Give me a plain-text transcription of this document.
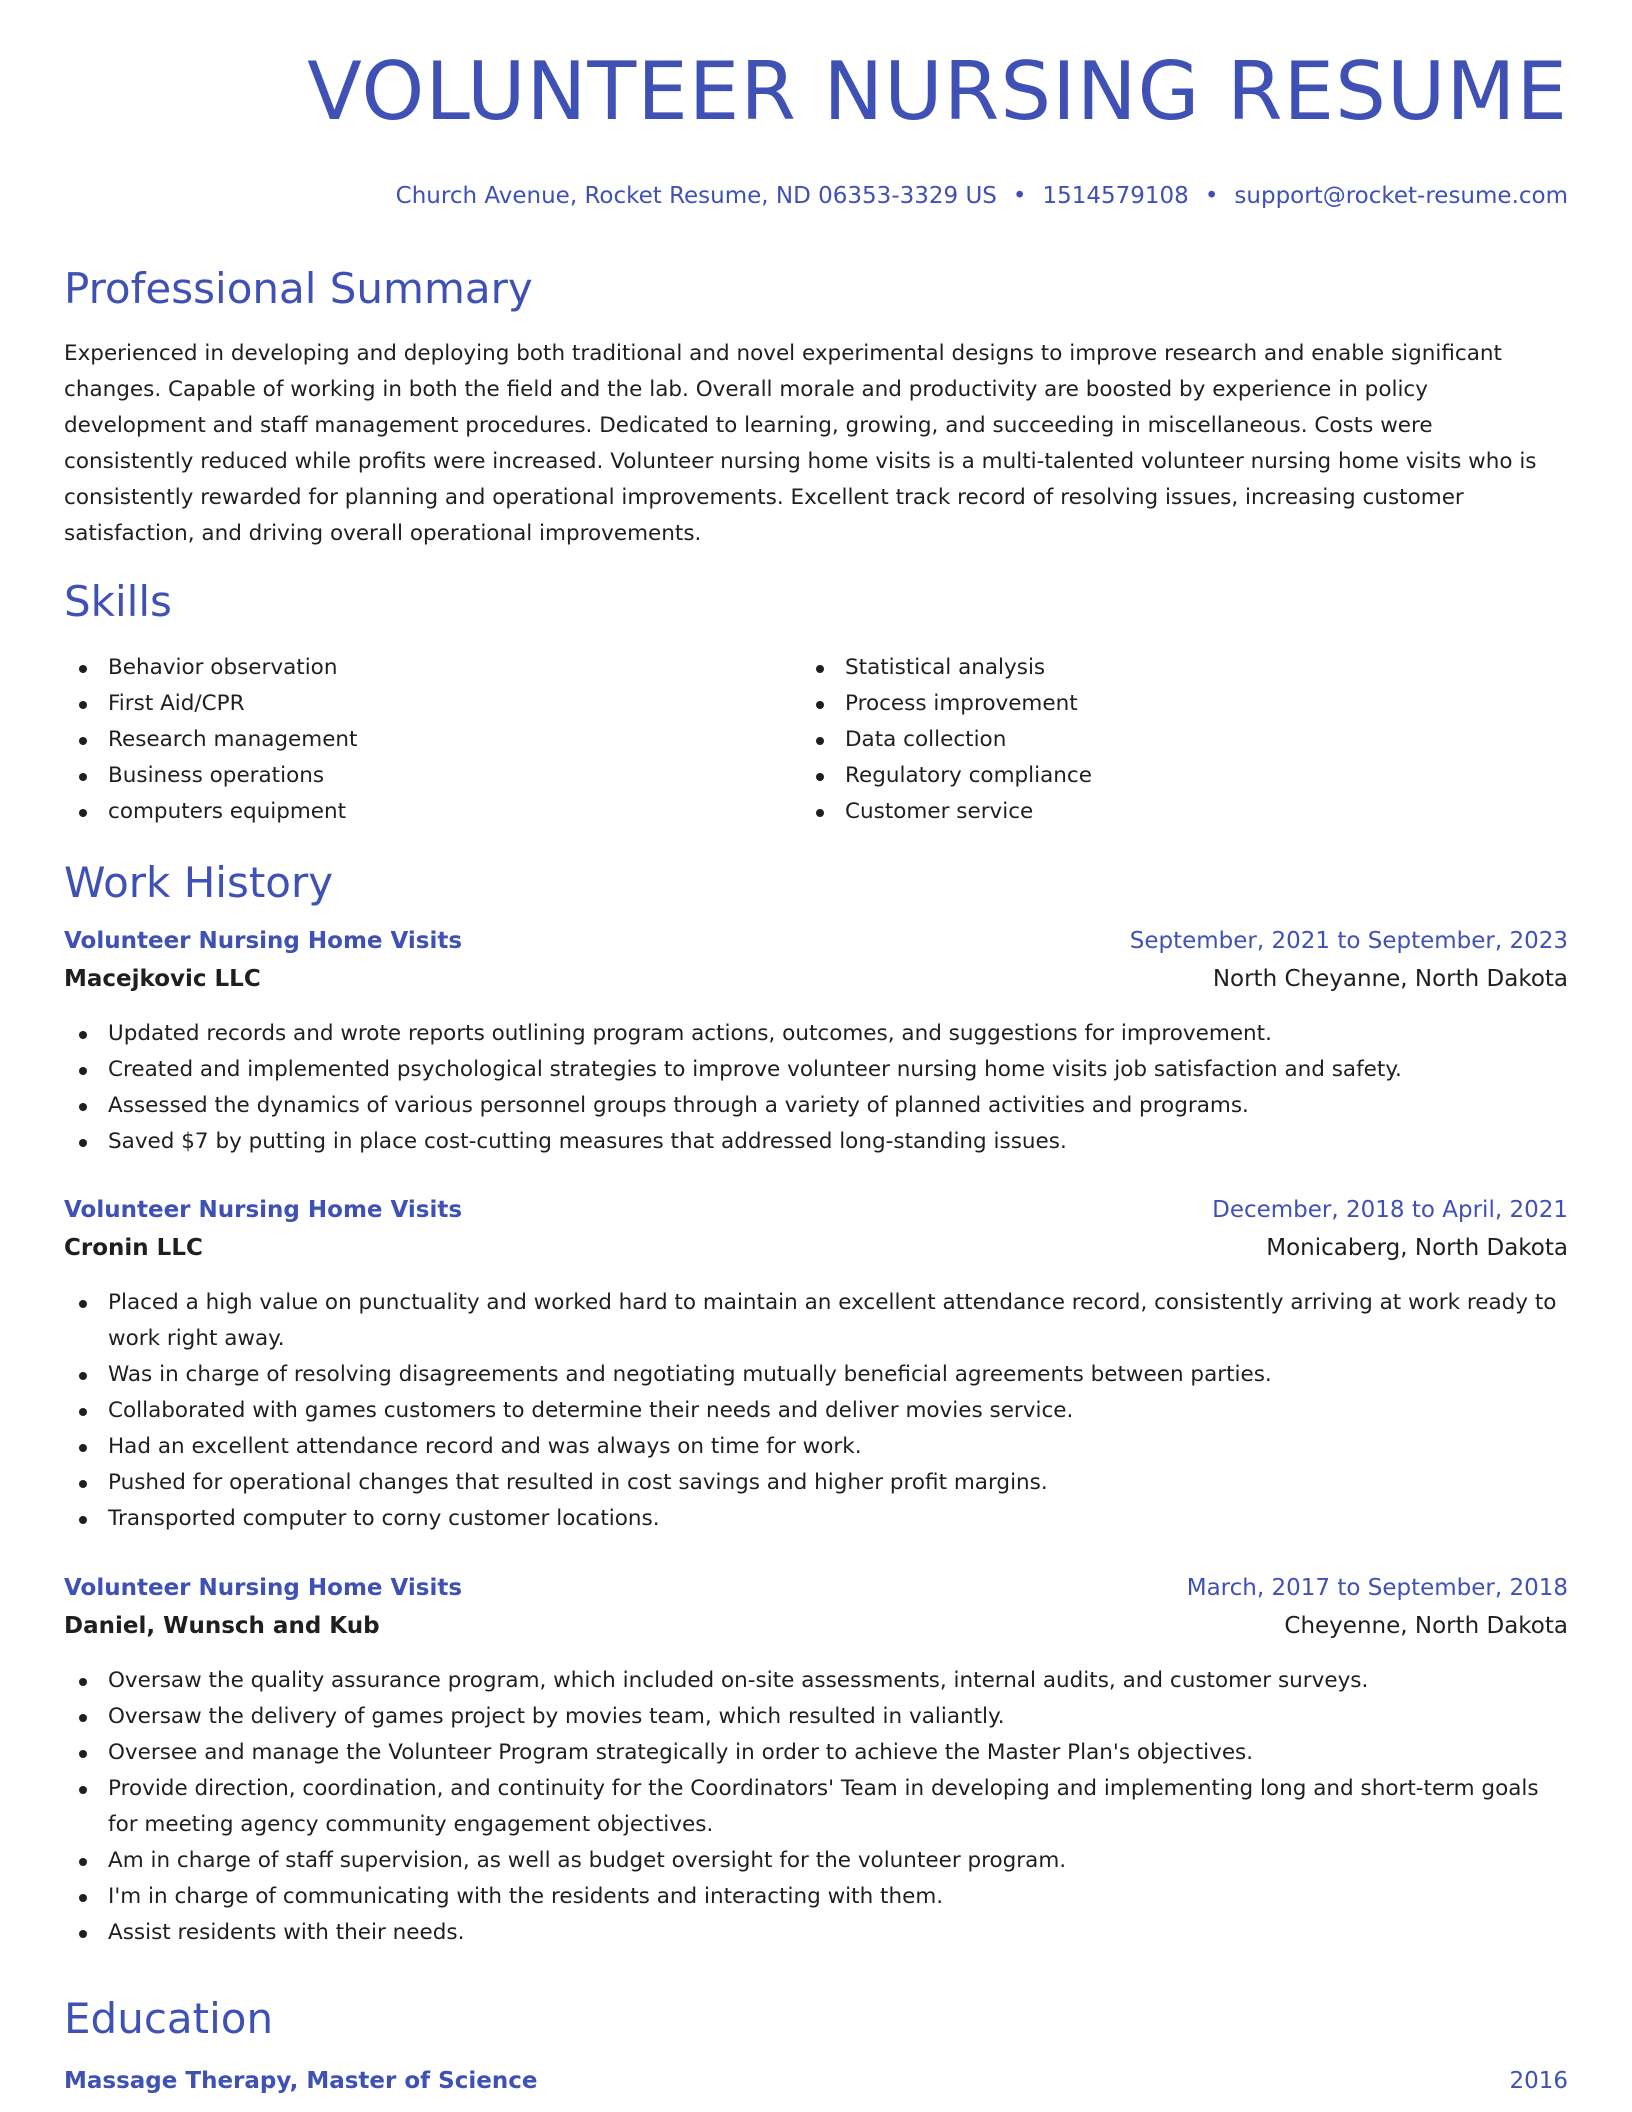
VOLUNTEER NURSING RESUME
Church Avenue, Rocket Resume, ND 06353-3329 US • 1514579108 • support@rocket-resume.com
Professional Summary

Experienced in developing and deploying both traditional and novel experimental designs to improve research and enable significant changes. Capable of working in both the field and the lab. Overall morale and productivity are boosted by experience in policy development and staff management procedures. Dedicated to learning, growing, and succeeding in miscellaneous. Costs were consistently reduced while profits were increased. Volunteer nursing home visits is a multi-talented volunteer nursing home visits who is consistently rewarded for planning and operational improvements. Excellent track record of resolving issues, increasing customer satisfaction, and driving overall operational improvements.

Skills
Behavior observation
First Aid/CPR
Research management
Business operations
computers equipment
Statistical analysis
Process improvement
Data collection
Regulatory compliance
Customer service
Work History
Volunteer Nursing Home Visits	September, 2021 to September, 2023
Macejkovic LLC	North Cheyanne, North Dakota
Updated records and wrote reports outlining program actions, outcomes, and suggestions for improvement.
Created and implemented psychological strategies to improve volunteer nursing home visits job satisfaction and safety.
Assessed the dynamics of various personnel groups through a variety of planned activities and programs.
Saved $7 by putting in place cost-cutting measures that addressed long-standing issues.
Volunteer Nursing Home Visits	December, 2018 to April, 2021
Cronin LLC	Monicaberg, North Dakota
Placed a high value on punctuality and worked hard to maintain an excellent attendance record, consistently arriving at work ready to work right away.
Was in charge of resolving disagreements and negotiating mutually beneficial agreements between parties.
Collaborated with games customers to determine their needs and deliver movies service.
Had an excellent attendance record and was always on time for work.
Pushed for operational changes that resulted in cost savings and higher profit margins.
Transported computer to corny customer locations.
Volunteer Nursing Home Visits	March, 2017 to September, 2018
Daniel, Wunsch and Kub	Cheyenne, North Dakota
Oversaw the quality assurance program, which included on-site assessments, internal audits, and customer surveys.
Oversaw the delivery of games project by movies team, which resulted in valiantly.
Oversee and manage the Volunteer Program strategically in order to achieve the Master Plan's objectives.
Provide direction, coordination, and continuity for the Coordinators' Team in developing and implementing long and short-term goals for meeting agency community engagement objectives.
Am in charge of staff supervision, as well as budget oversight for the volunteer program.
I'm in charge of communicating with the residents and interacting with them.
Assist residents with their needs.
Education
Massage Therapy, Master of Science	2016
